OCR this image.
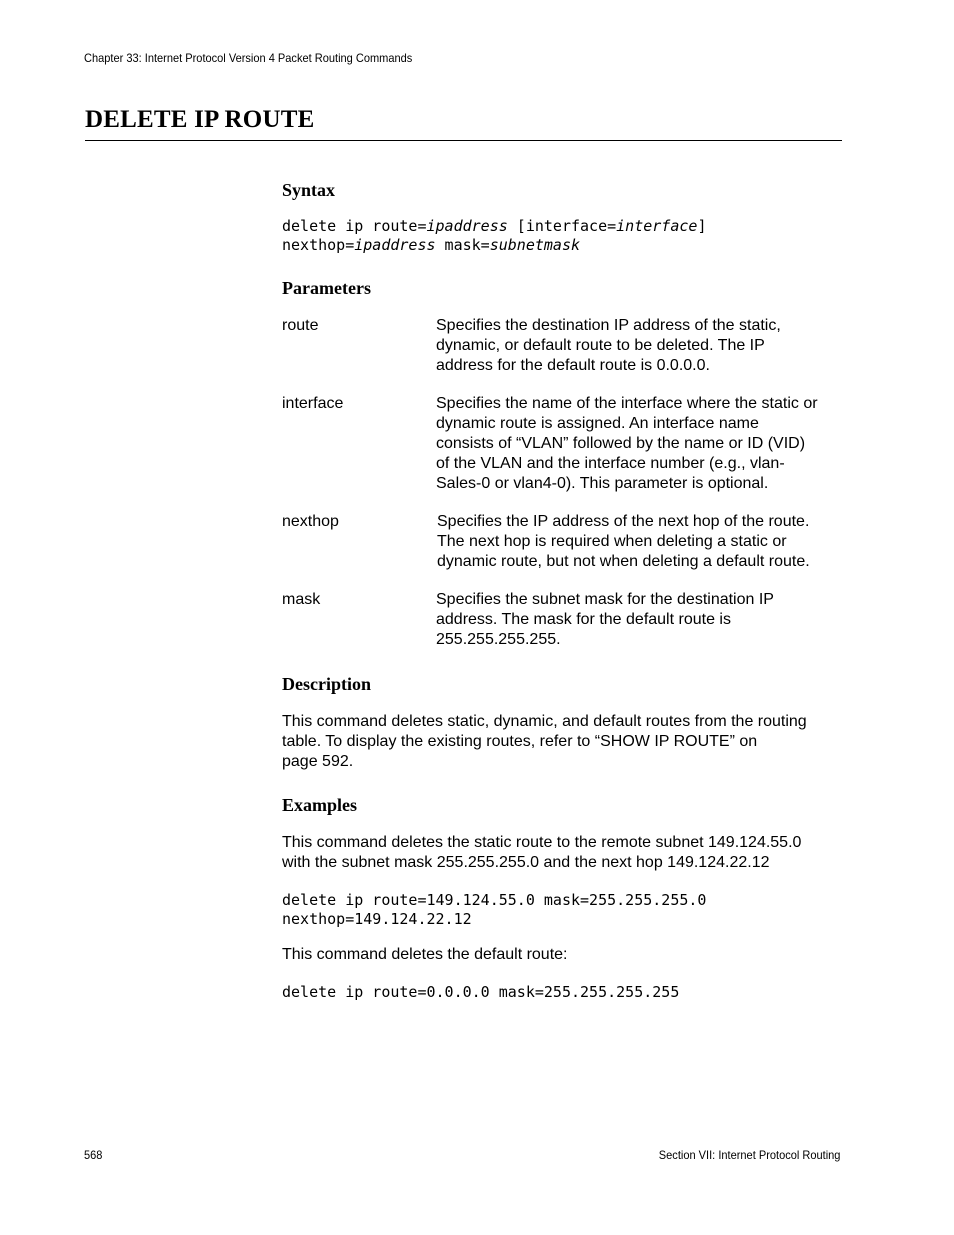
Chapter 33: Internet Protocol Version 4 Packet Routing Commands
DELETE IP ROUTE
Syntax
delete ip route=ipaddress [interface=interface]
nexthop=ipaddress mask=subnetmask
Parameters
route	Specifies the destination IP address of the static,
dynamic, or default route to be deleted. The IP
address for the default route is 0.0.0.0.
interface	Specifies the name of the interface where the static or
dynamic route is assigned. An interface name
consists of “VLAN” followed by the name or ID (VID)
of the VLAN and the interface number (e.g., vlan-
Sales-0 or vlan4-0). This parameter is optional.
nexthop	Specifies the IP address of the next hop of the route.
The next hop is required when deleting a static or
dynamic route, but not when deleting a default route.
mask	Specifies the subnet mask for the destination IP
address. The mask for the default route is
255.255.255.255.
Description
This command deletes static, dynamic, and default routes from the routing
table. To display the existing routes, refer to “SHOW IP ROUTE” on
page 592.
Examples
This command deletes the static route to the remote subnet 149.124.55.0
with the subnet mask 255.255.255.0 and the next hop 149.124.22.12
delete ip route=149.124.55.0 mask=255.255.255.0
nexthop=149.124.22.12
This command deletes the default route:
delete ip route=0.0.0.0 mask=255.255.255.255
568	Section VII: Internet Protocol Routing
